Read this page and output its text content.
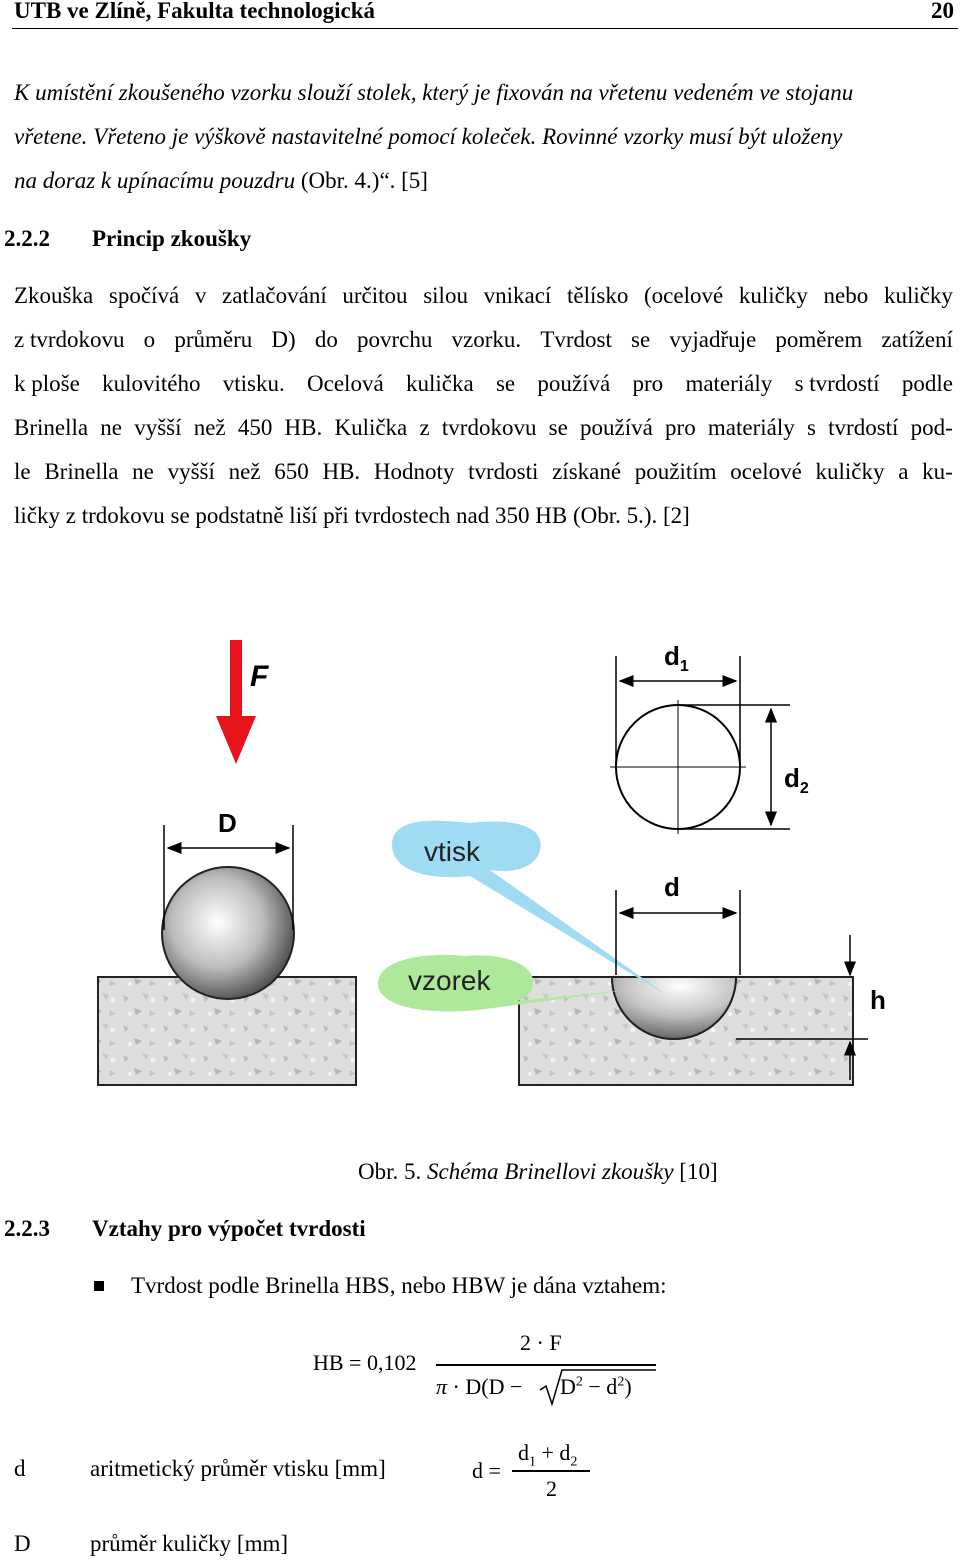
UTB ve Zlíně, Fakulta technologická	20
K umístění zkoušeného vzorku slouží stolek, který je fixován na vřetenu vedeném ve stojanu
vřetene. Vřeteno je výškově nastavitelné pomocí koleček. Rovinné vzorky musí být uloženy
na doraz k upínacímu pouzdru (Obr. 4.)“. [5]
2.2.2 Princip zkoušky
Zkouška spočívá v zatlačování určitou silou vnikací tělísko (ocelové kuličky nebo kuličky
z tvrdokovu o průměru D) do povrchu vzorku. Tvrdost se vyjadřuje poměrem zatížení
k ploše kulovitého vtisku. Ocelová kulička se používá pro materiály s tvrdostí podle
Brinella ne vyšší než 450 HB. Kulička z tvrdokovu se používá pro materiály s tvrdostí pod-
le Brinella ne vyšší než 650 HB. Hodnoty tvrdosti získané použitím ocelové kuličky a ku-
ličky z trdokovu se podstatně liší při tvrdostech nad 350 HB (Obr. 5.). [2]
F
D
vtisk
vzorek
d
$d_1$
$d_2$
h
Obr. 5. Schéma Brinellovi zkoušky [10]
2.2.3 Vztahy pro výpočet tvrdosti
Tvrdost podle Brinella HBS, nebo HBW je dána vztahem:
HB = 0,102
2 · F
$\pi \cdot D(D - D^2 - d^2)$
d	aritmetický průměr vtisku [mm]	d =
$d_1 + d_2$
2
D	průměr kuličky [mm]
